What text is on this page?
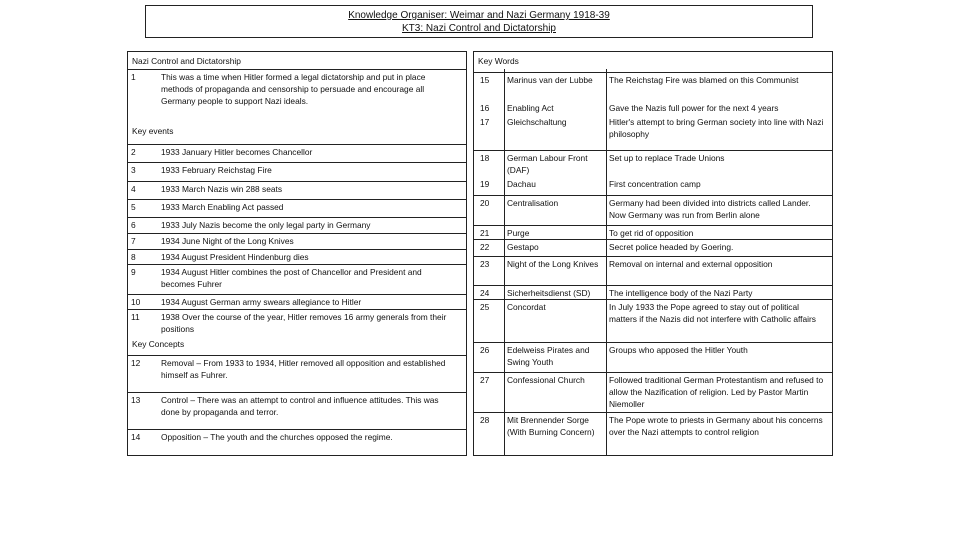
Knowledge Organiser: Weimar and Nazi Germany 1918-39
KT3: Nazi Control and Dictatorship
Nazi Control and Dictatorship
Key events
Key Concepts
1	This was a time when Hitler formed a legal dictatorship and put in place methods of propaganda and censorship to persuade and encourage all Germany people to support Nazi ideals.
2	1933 January Hitler becomes Chancellor
3	1933 February Reichstag Fire
4	1933 March Nazis win 288 seats
5	1933 March Enabling Act passed
6	1933 July Nazis become the only legal party in Germany
7	1934 June Night of the Long Knives
8	1934 August President Hindenburg dies
9	1934 August Hitler combines the post of Chancellor and President and becomes Fuhrer
10 1934 August German army swears allegiance to Hitler
11	1938 Over the course of the year, Hitler removes 16 army generals from their positions
12 Removal – From 1933 to 1934, Hitler removed all opposition and established himself as Fuhrer.
13 Control – There was an attempt to control and influence attitudes. This was done by propaganda and terror.
14 Opposition – The youth and the churches opposed the regime.
Key Words
15 Marinus van der Lubbe	The Reichstag Fire was blamed on this Communist
16 Enabling Act	Gave the Nazis full power for the next 4 years
17 Gleichschaltung	Hitler's attempt to bring German society into line with Nazi philosophy
18 German Labour Front (DAF)
Set up to replace Trade Unions
19 Dachau	First concentration camp
20 Centralisation	Germany had been divided into districts called Lander. Now Germany was run from Berlin alone
21 Purge	To get rid of opposition
22 Gestapo	Secret police headed by Goering.
23 Night of the Long Knives	Removal on internal and external opposition
24 Sicherheitsdienst (SD)	The intelligence body of the Nazi Party
25 Concordat	In July 1933 the Pope agreed to stay out of political matters if the Nazis did not interfere with Catholic affairs
26 Edelweiss Pirates and Swing Youth
Groups who apposed the Hitler Youth
27 Confessional Church	Followed traditional German Protestantism and refused to allow the Nazification of religion. Led by Pastor Martin Niemoller
28 Mit Brennender Sorge (With Burning Concern)
The Pope wrote to priests in Germany about his concerns over the Nazi attempts to control religion
